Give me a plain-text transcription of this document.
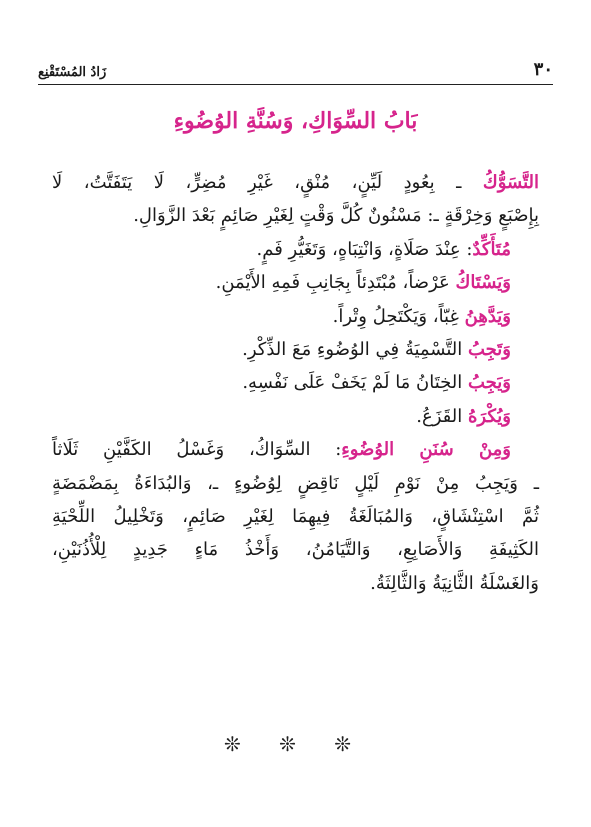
٣٠
زَادُ المُسْتَقْنِع
بَابُ السِّوَاكِ، وَسُنَّةِ الوُضُوءِ
التَّسَوُّكُ ـ بِعُودٍ لَيِّنٍ، مُنْقٍ، غَيْرِ مُضِرٍّ، لَا يَتَفَتَّتُ، لَا
بِإِصْبَعٍ وَخِرْقَةٍ ـ: مَسْنُونٌ كُلَّ وَقْتٍ لِغَيْرِ صَائِمٍ بَعْدَ الزَّوَالِ.
مُتَأَكِّدٌ: عِنْدَ صَلَاةٍ، وَانْتِبَاهٍ، وَتَغَيُّرِ فَمٍ.
وَيَسْتَاكُ عَرْضاً، مُبْتَدِئاً بِجَانِبِ فَمِهِ الأَيْمَنِ.
وَيَدَّهِنُ غِبّاً، وَيَكْتَحِلُ وِتْراً.
وَتَجِبُ التَّسْمِيَةُ فِي الوُضُوءِ مَعَ الذِّكْرِ.
وَيَجِبُ الخِتَانُ مَا لَمْ يَخَفْ عَلَى نَفْسِهِ.
وَيُكْرَهُ القَزَعُ.
وَمِنْ سُنَنِ الوُضُوءِ: السِّوَاكُ، وَغَسْلُ الكَفَّيْنِ ثَلَاثاً
ـ وَيَجِبُ مِنْ نَوْمِ لَيْلٍ نَاقِضٍ لِوُضُوءٍ ـ، وَالبُدَاءَةُ بِمَضْمَضَةٍ
ثُمَّ اسْتِنْشَاقٍ، وَالمُبَالَغَةُ فِيهِمَا لِغَيْرِ صَائِمٍ، وَتَخْلِيلُ اللِّحْيَةِ
الكَثِيفَةِ وَالأَصَابِعِ، وَالتَّيَامُنُ، وَأَخْذُ مَاءٍ جَدِيدٍ لِلْأُذُنَيْنِ،
وَالغَسْلَةُ الثَّانِيَةُ وَالثَّالِثَةُ.
❊ ❊ ❊
